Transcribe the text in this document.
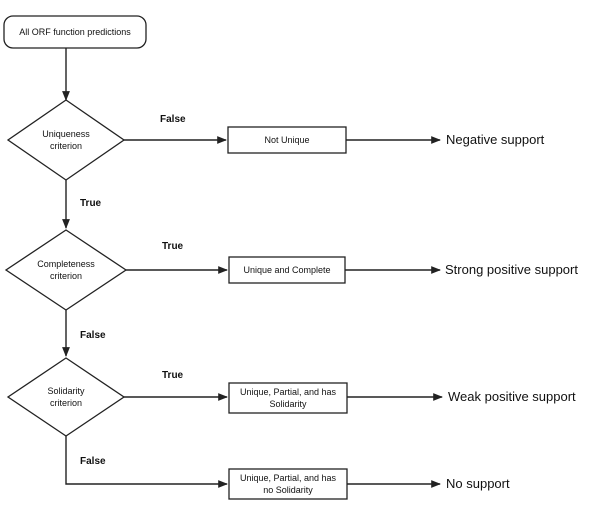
All ORF function predictions
Uniqueness
criterion
False
Not Unique	Negative support
True
Completeness
criterion
True
Unique and Complete	Strong positive support
False
Solidarity
criterion
True
Unique, Partial, and has
Solidarity	Weak positive support
False
Unique, Partial, and has
no Solidarity	No support
